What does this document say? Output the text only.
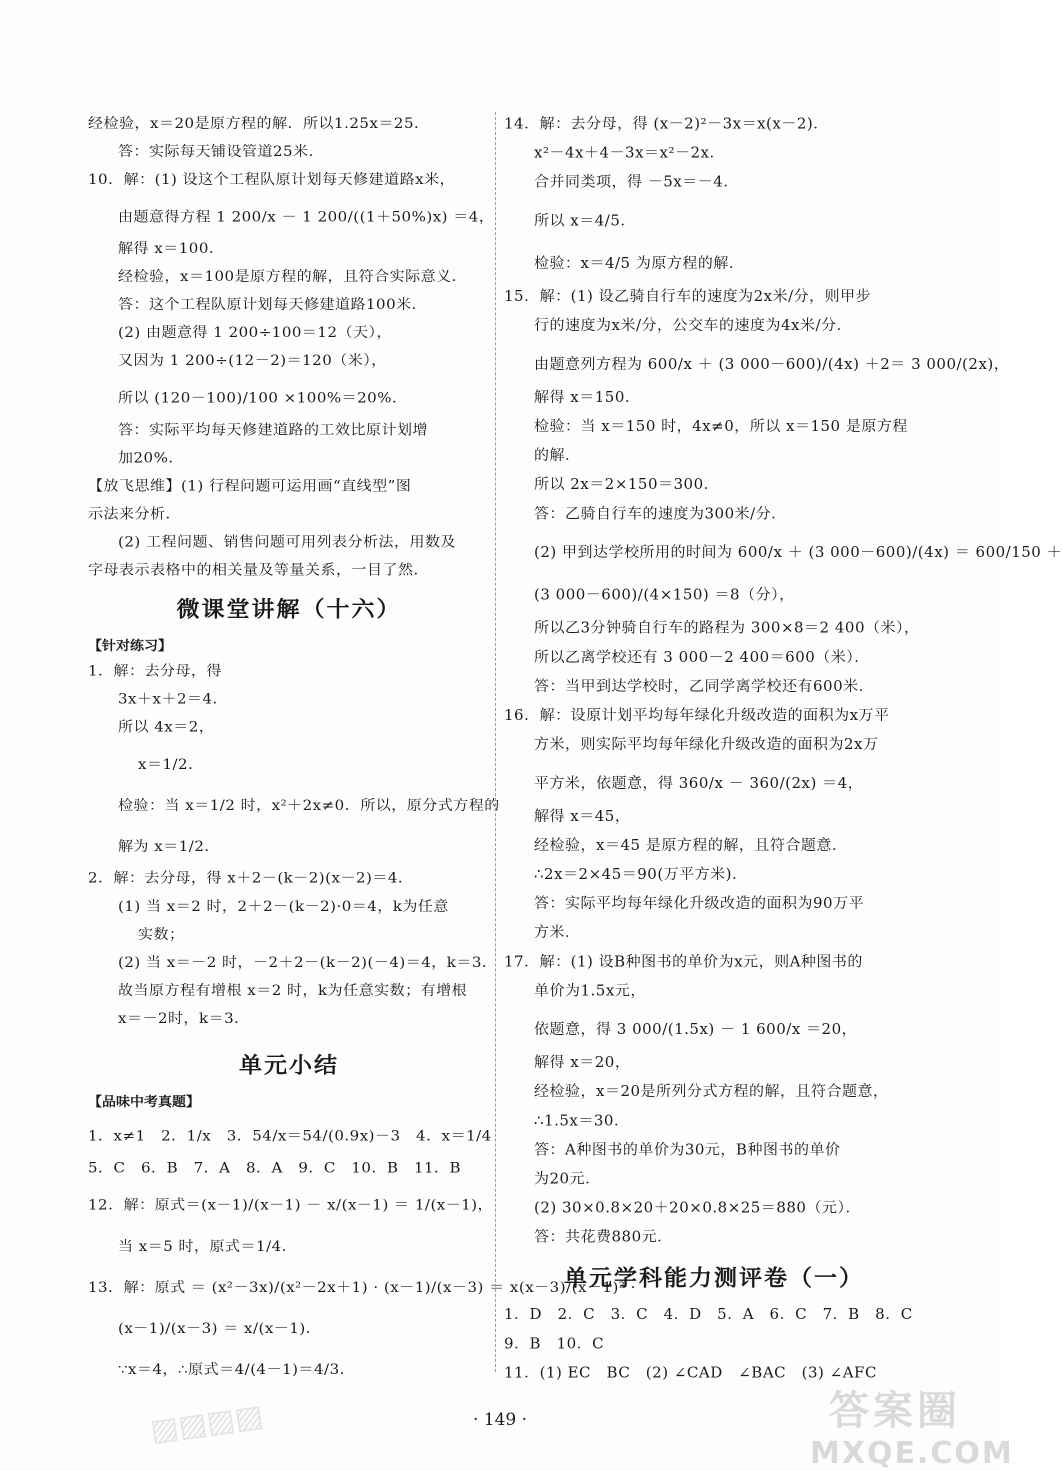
经检验，x＝20是原方程的解．所以1.25x＝25．
答：实际每天铺设管道25米．
10．解：(1) 设这个工程队原计划每天修建道路x米，
由题意得方程 1 200/x － 1 200/((1＋50%)x) ＝4，
解得 x＝100．
经检验，x＝100是原方程的解，且符合实际意义．
答：这个工程队原计划每天修建道路100米．
(2) 由题意得 1 200÷100＝12（天），
又因为 1 200÷(12－2)＝120（米），
所以 (120－100)/100 ×100%＝20%．
答：实际平均每天修建道路的工效比原计划增
加20%．
【放飞思维】(1) 行程问题可运用画“直线型”图
示法来分析．
(2) 工程问题、销售问题可用列表分析法，用数及
字母表示表格中的相关量及等量关系，一目了然．
微课堂讲解（十六）
【针对练习】
1．解：去分母，得
3x＋x＋2＝4．
所以 4x＝2，
x＝1/2．
检验：当 x＝1/2 时，x²＋2x≠0．所以，原分式方程的
解为 x＝1/2．
2．解：去分母，得 x＋2－(k－2)(x－2)＝4．
(1) 当 x＝2 时，2＋2－(k－2)·0＝4，k为任意
实数；
(2) 当 x＝－2 时，－2＋2－(k－2)(－4)＝4，k＝3．
故当原方程有增根 x＝2 时，k为任意实数；有增根
x＝－2时，k＝3．
单元小结
【品味中考真题】
1．x≠1　2．1/x　3．54/x＝54/(0.9x)－3　4．x＝1/4
5．C　6．B　7．A　8．A　9．C　10．B　11．B
12．解：原式＝(x－1)/(x－1) － x/(x－1) ＝ 1/(x－1)，
当 x＝5 时，原式＝1/4．
13．解：原式 ＝ (x²－3x)/(x²－2x＋1) · (x－1)/(x－3) ＝ x(x－3)/(x－1)² ·
(x－1)/(x－3) ＝ x/(x－1)．
∵x＝4，∴原式＝4/(4－1)＝4/3．
14．解：去分母，得 (x－2)²－3x＝x(x－2)．
x²－4x＋4－3x＝x²－2x．
合并同类项，得 －5x＝－4．
所以 x＝4/5．
检验：x＝4/5 为原方程的解．
15．解：(1) 设乙骑自行车的速度为2x米/分，则甲步
行的速度为x米/分，公交车的速度为4x米/分．
由题意列方程为 600/x ＋ (3 000－600)/(4x) ＋2＝ 3 000/(2x)，
解得 x＝150．
检验：当 x＝150 时，4x≠0，所以 x＝150 是原方程
的解．
所以 2x＝2×150＝300．
答：乙骑自行车的速度为300米/分．
(2) 甲到达学校所用的时间为 600/x ＋ (3 000－600)/(4x) ＝ 600/150 ＋
(3 000－600)/(4×150) ＝8（分），
所以乙3分钟骑自行车的路程为 300×8＝2 400（米），
所以乙离学校还有 3 000－2 400＝600（米）．
答：当甲到达学校时，乙同学离学校还有600米．
16．解：设原计划平均每年绿化升级改造的面积为x万平
方米，则实际平均每年绿化升级改造的面积为2x万
平方米，依题意，得 360/x － 360/(2x) ＝4，
解得 x＝45，
经检验，x＝45 是原方程的解，且符合题意．
∴2x＝2×45＝90(万平方米)．
答：实际平均每年绿化升级改造的面积为90万平
方米．
17．解：(1) 设B种图书的单价为x元，则A种图书的
单价为1.5x元，
依题意，得 3 000/(1.5x) － 1 600/x ＝20，
解得 x＝20，
经检验，x＝20是所列分式方程的解，且符合题意，
∴1.5x＝30．
答：A种图书的单价为30元，B种图书的单价
为20元．
(2) 30×0.8×20＋20×0.8×25＝880（元）．
答：共花费880元．
单元学科能力测评卷（一）
1．D　2．C　3．C　4．D　5．A　6．C　7．B　8．C
9．B　10．C
11．(1) EC　BC　(2) ∠CAD　∠BAC　(3) ∠AFC
· 149 ·
▨▨▨▨	答案圈
MXQE.COM
